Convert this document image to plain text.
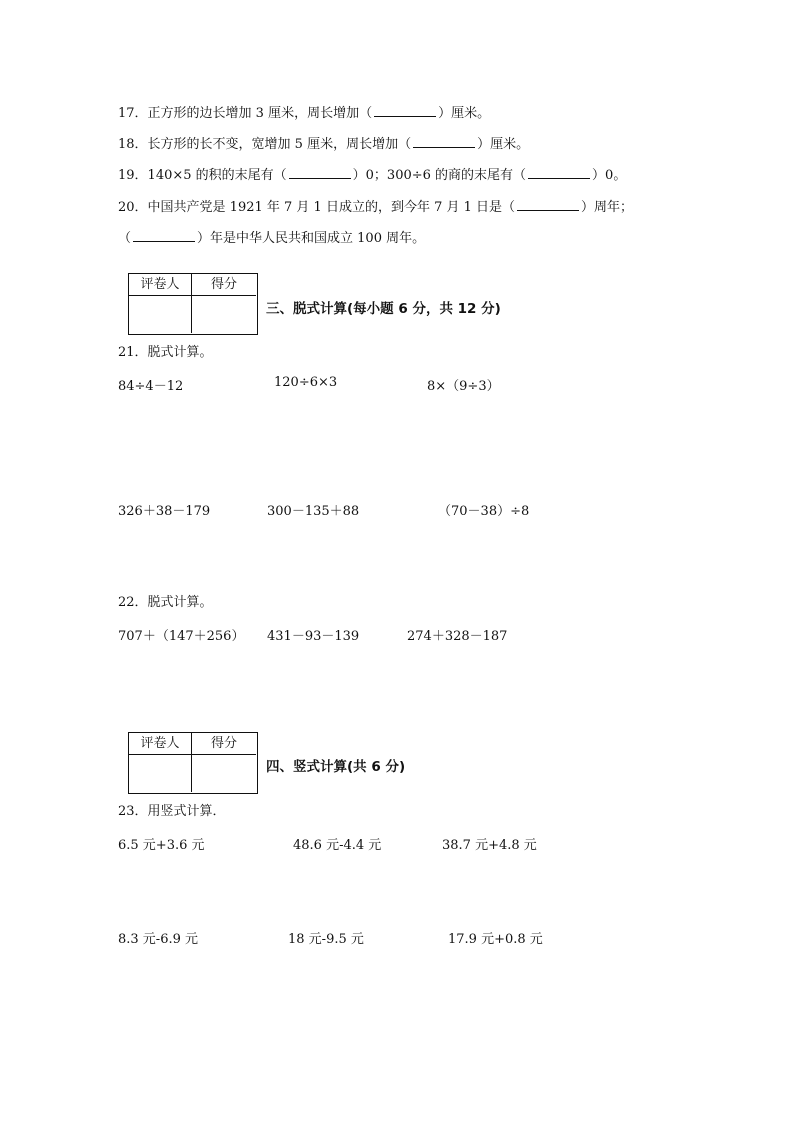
17．正方形的边长增加 3 厘米，周长增加（	）厘米。
18．长方形的长不变，宽增加 5 厘米，周长增加（	）厘米。
19．140×5 的积的末尾有（	）0；300÷6 的商的末尾有（	）0。
20．中国共产党是 1921 年 7 月 1 日成立的，到今年 7 月 1 日是（	）周年；
（	）年是中华人民共和国成立 100 周年。
评卷人	得分
三、脱式计算(每小题 6 分，共 12 分)
21．脱式计算。
84÷4－12	120÷6×3	8×（9÷3）
326＋38－179	300－135＋88	（70－38）÷8
22．脱式计算。
707＋（147＋256） 431－93－139	274＋328－187
评卷人	得分
四、竖式计算(共 6 分)
23．用竖式计算．
6.5 元+3.6 元	48.6 元-4.4 元	38.7 元+4.8 元
8.3 元-6.9 元	18 元-9.5 元	17.9 元+0.8 元
